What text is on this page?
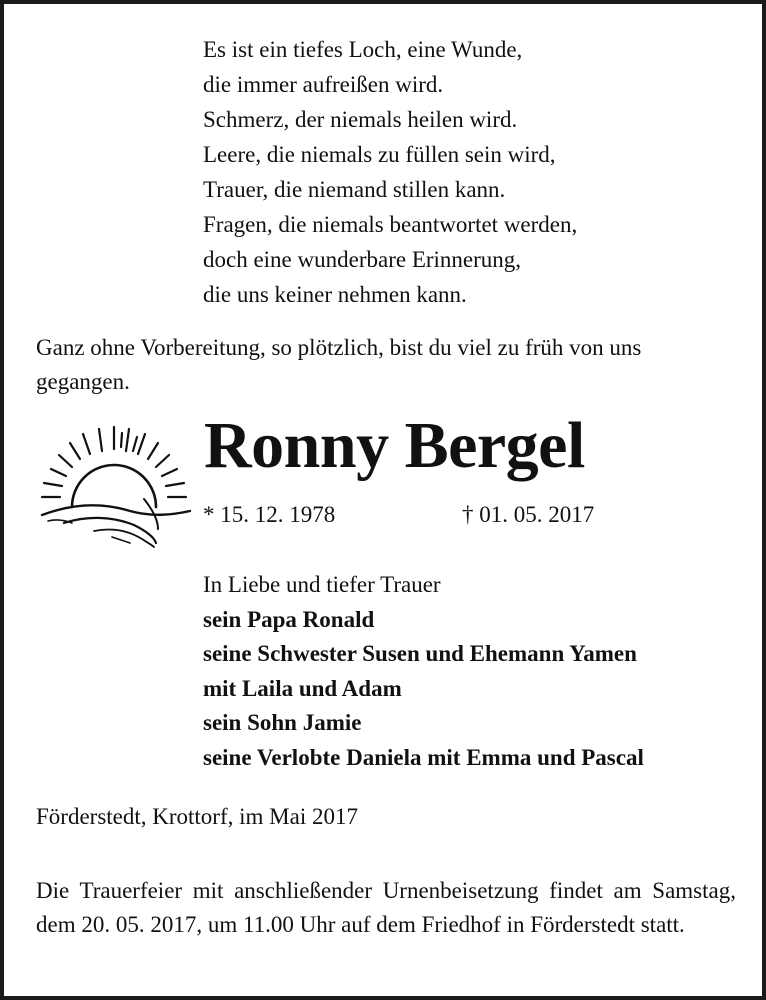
Es ist ein tiefes Loch, eine Wunde,
die immer aufreißen wird.
Schmerz, der niemals heilen wird.
Leere, die niemals zu füllen sein wird,
Trauer, die niemand stillen kann.
Fragen, die niemals beantwortet werden,
doch eine wunderbare Erinnerung,
die uns keiner nehmen kann.
Ganz ohne Vorbereitung, so plötzlich, bist du viel zu früh von uns gegangen.
Ronny Bergel
* 15. 12. 1978	† 01. 05. 2017
In Liebe und tiefer Trauer
sein Papa Ronald
seine Schwester Susen und Ehemann Yamen
mit Laila und Adam
sein Sohn Jamie
seine Verlobte Daniela mit Emma und Pascal
Förderstedt, Krottorf, im Mai 2017
Die Trauerfeier mit anschließender Urnenbeisetzung findet am Samstag, dem 20. 05. 2017, um 11.00 Uhr auf dem Friedhof in Förderstedt statt.
